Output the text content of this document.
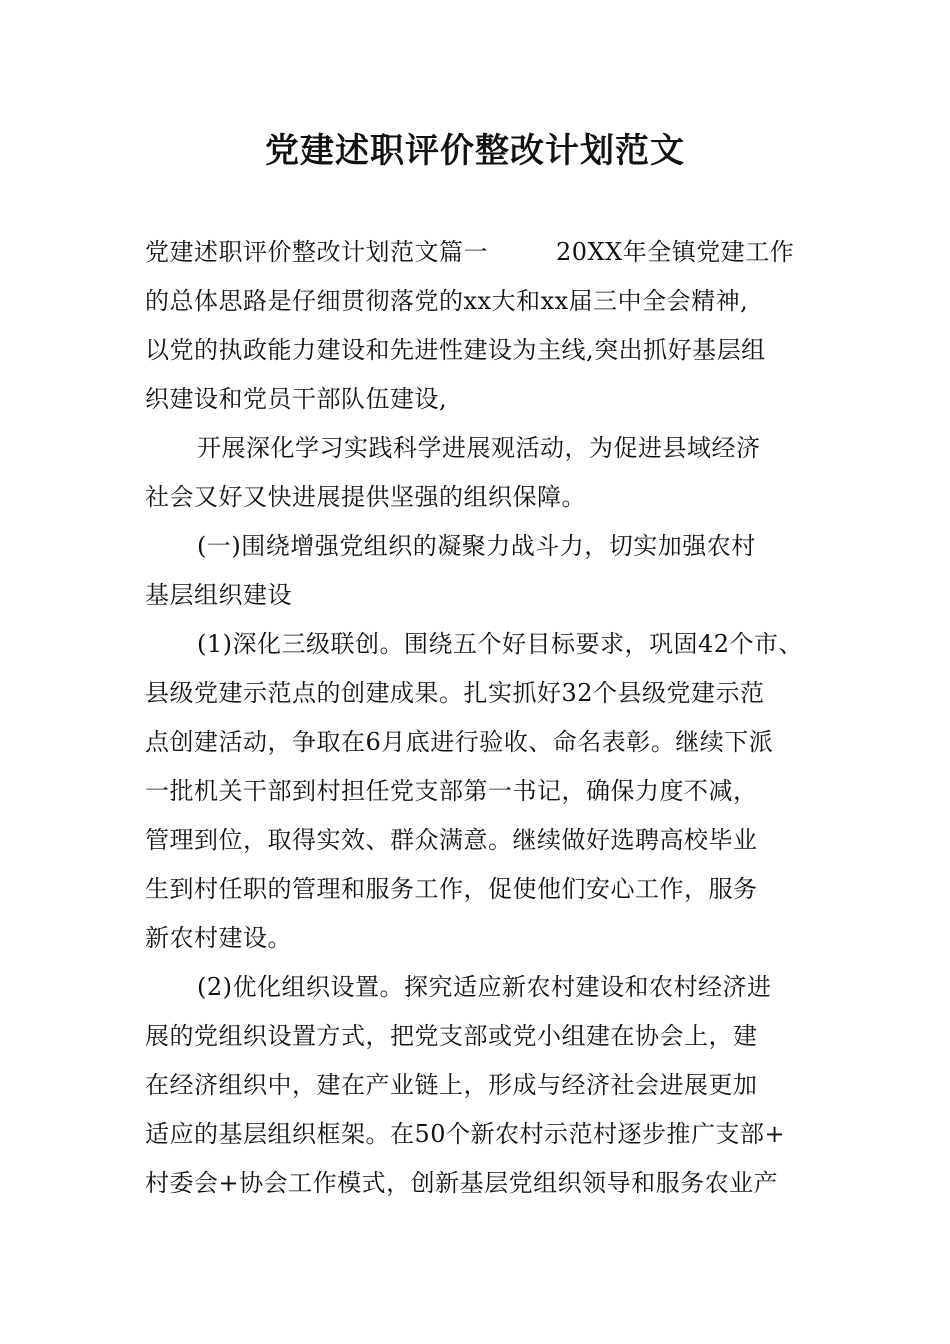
党建述职评价整改计划范文
党建述职评价整改计划范文篇一	20XX年全镇党建工作
的总体思路是仔细贯彻落党的xx大和xx届三中全会精神,
以党的执政能力建设和先进性建设为主线,突出抓好基层组
织建设和党员干部队伍建设,
开展深化学习实践科学进展观活动，为促进县域经济
社会又好又快进展提供坚强的组织保障。
(一)围绕增强党组织的凝聚力战斗力，切实加强农村
基层组织建设
(1)深化三级联创。围绕五个好目标要求，巩固42个市、
县级党建示范点的创建成果。扎实抓好32个县级党建示范
点创建活动，争取在6月底进行验收、命名表彰。继续下派
一批机关干部到村担任党支部第一书记，确保力度不减，
管理到位，取得实效、群众满意。继续做好选聘高校毕业
生到村任职的管理和服务工作，促使他们安心工作，服务
新农村建设。
(2)优化组织设置。探究适应新农村建设和农村经济进
展的党组织设置方式，把党支部或党小组建在协会上，建
在经济组织中，建在产业链上，形成与经济社会进展更加
适应的基层组织框架。在50个新农村示范村逐步推广支部+
村委会+协会工作模式，创新基层党组织领导和服务农业产
